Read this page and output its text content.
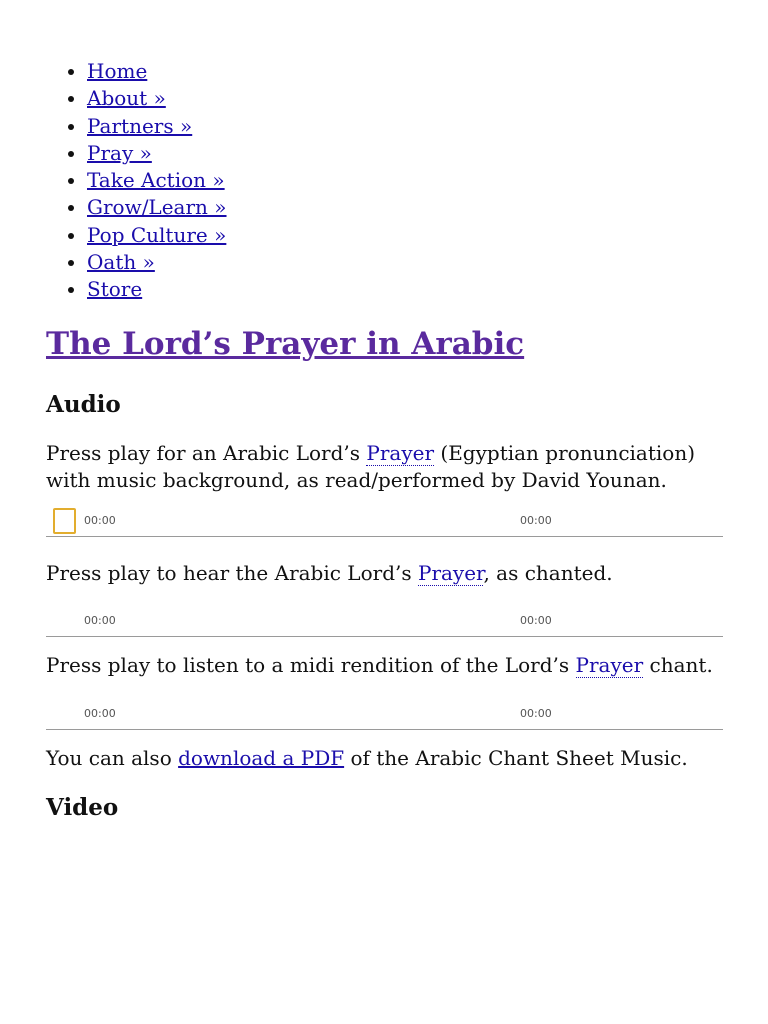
• Home
• About »
• Partners »
• Pray »
• Take Action »
• Grow/Learn »
• Pop Culture »
• Oath »
• Store
The Lord’s Prayer in Arabic
Audio

Press play for an Arabic Lord’s Prayer (Egyptian pronunciation) with music background, as read/performed by David Younan.

00:00	00:00

Press play to hear the Arabic Lord’s Prayer, as chanted.

00:00	00:00

Press play to listen to a midi rendition of the Lord’s Prayer chant.

00:00	00:00

You can also download a PDF of the Arabic Chant Sheet Music.

Video
